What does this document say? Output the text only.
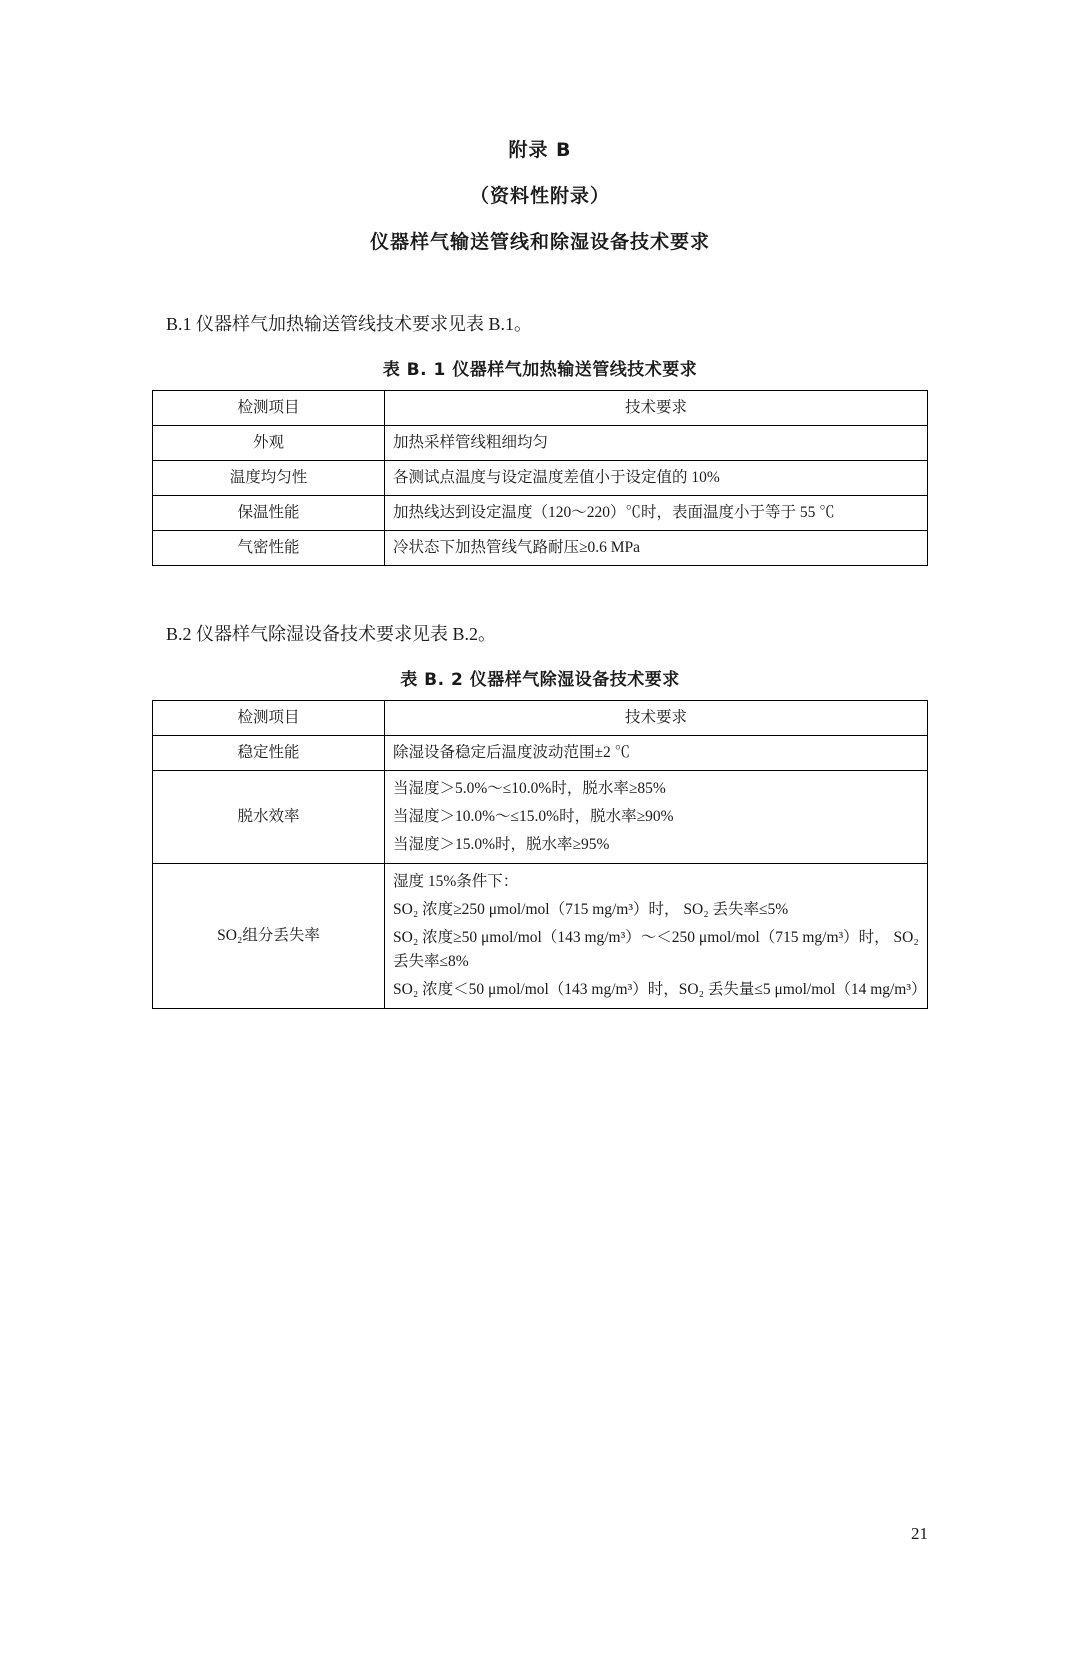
附录 B
（资料性附录）
仪器样气输送管线和除湿设备技术要求
B.1 仪器样气加热输送管线技术要求见表 B.1。
表 B. 1 仪器样气加热输送管线技术要求
检测项目	技术要求
外观	加热采样管线粗细均匀
温度均匀性	各测试点温度与设定温度差值小于设定值的 10%
保温性能	加热线达到设定温度（120～220）℃时，表面温度小于等于 55 ℃
气密性能	冷状态下加热管线气路耐压≥0.6 MPa
B.2 仪器样气除湿设备技术要求见表 B.2。
表 B. 2 仪器样气除湿设备技术要求
检测项目	技术要求
稳定性能	除湿设备稳定后温度波动范围±2 ℃
脱水效率	当湿度＞5.0%～≤10.0%时，脱水率≥85%
当湿度＞10.0%～≤15.0%时，脱水率≥90%
当湿度＞15.0%时，脱水率≥95%

SO₂组分丢失率	湿度 15%条件下：
SO₂ 浓度≥250 μmol/mol（715 mg/m³）时， SO₂ 丢失率≤5%
SO₂ 浓度≥50 μmol/mol（143 mg/m³）～＜250 μmol/mol（715 mg/m³）时， SO₂ 丢失率≤8%
SO₂ 浓度＜50 μmol/mol（143 mg/m³）时，SO₂ 丢失量≤5 μmol/mol（14 mg/m³）
21
